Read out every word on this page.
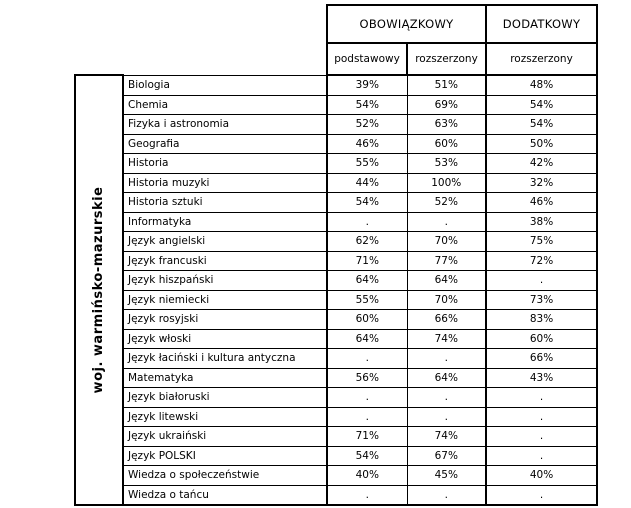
		OBOWIĄZKOWY		DODATKOWY
		podstawowy	rozszerzony	rozszerzony

woj. warmińsko-mazurskie	Biologia	39%	51%	48%
	Chemia	54%	69%	54%
	Fizyka i astronomia	52%	63%	54%
	Geografia	46%	60%	50%
	Historia	55%	53%	42%
	Historia muzyki	44%	100%	32%
	Historia sztuki	54%	52%	46%
	Informatyka	.	.	38%
	Język angielski	62%	70%	75%
	Język francuski	71%	77%	72%
	Język hiszpański	64%	64%	.
	Język niemiecki	55%	70%	73%
	Język rosyjski	60%	66%	83%
	Język włoski	64%	74%	60%
	Język łaciński i kultura antyczna	.	.	66%
	Matematyka	56%	64%	43%
	Język białoruski	.	.	.
	Język litewski	.	.	.
	Język ukraiński	71%	74%	.
	Język POLSKI	54%	67%	.
	Wiedza o społeczeństwie	40%	45%	40%
	Wiedza o tańcu	.	.	.
